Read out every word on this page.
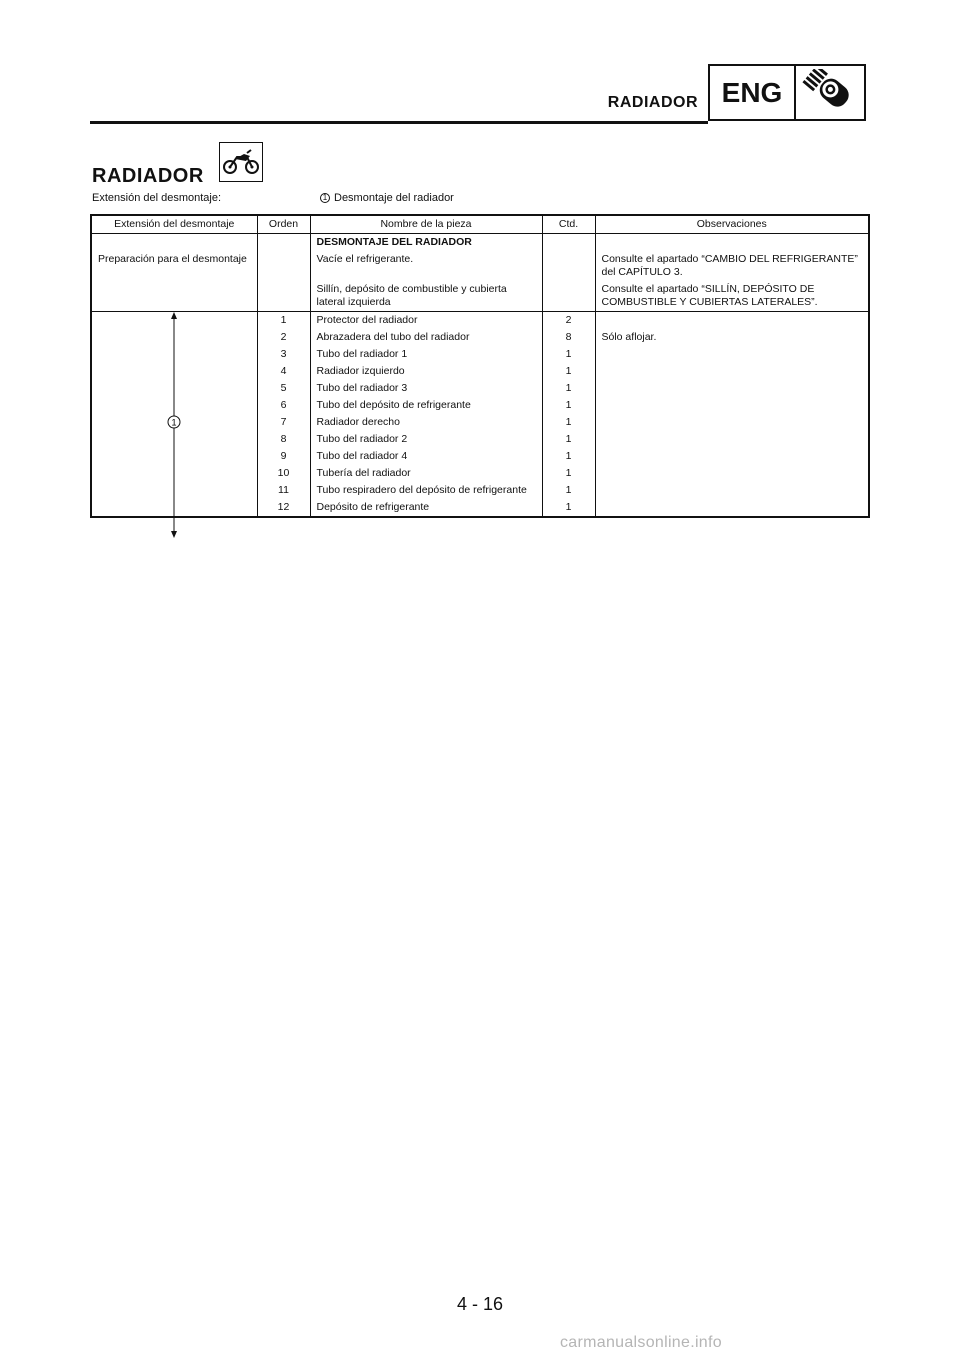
RADIADOR ENG
RADIADOR
Extensión del desmontaje:	1 Desmontaje del radiador
Extensión del desmontaje	Orden	Nombre de la pieza	Ctd.	Observaciones
		DESMONTAJE DEL RADIADOR		
Preparación para el desmontaje		Vacíe el refrigerante.		Consulte el apartado “CAMBIO DEL REFRIGERANTE” del CAPÍTULO 3.
		Sillín, depósito de combustible y cubierta lateral izquierda		Consulte el apartado “SILLÍN, DEPÓSITO DE COMBUSTIBLE Y CUBIERTAS LATERALES”.

1	1	Protector del radiador	2	
	2	Abrazadera del tubo del radiador	8	Sólo aflojar.
	3	Tubo del radiador 1	1	
	4	Radiador izquierdo	1	
	5	Tubo del radiador 3	1	
	6	Tubo del depósito de refrigerante	1	
	7	Radiador derecho	1	
	8	Tubo del radiador 2	1	
	9	Tubo del radiador 4	1	
	10	Tubería del radiador	1	
	11	Tubo respiradero del depósito de refrigerante	1	
	12	Depósito de refrigerante	1	
4 - 16
carmanualsonline.info
